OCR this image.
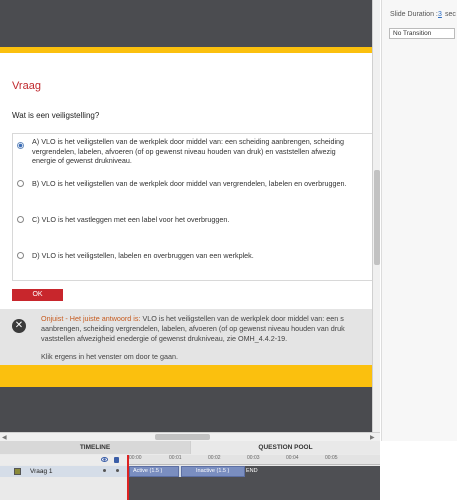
Vraag
Wat is een veiligstelling?
A) VLO is het veiligstellen van de werkplek door middel van: een scheiding aanbrengen, scheiding
vergrendelen, labelen, afvoeren (of op gewenst niveau houden van druk) en vaststellen afwezig
energie of gewenst drukniveau.
B) VLO is het veiligstellen van de werkplek door middel van vergrendelen, labelen en overbruggen.
C) VLO is het vastleggen met een label voor het overbruggen.
D) VLO is het veiligstellen, labelen en overbruggen van een werkplek.
OK
✕
Onjuist - Het juiste antwoord is: VLO is het veiligstellen van de werkplek door middel van: een s
aanbrengen, scheiding vergrendelen, labelen, afvoeren (of op gewenst niveau houden van druk
vaststellen afwezigheid enedergie of gewenst drukniveau, zie OMH_4.4.2-19.
Klik ergens in het venster om door te gaan.
◀	▶
Slide Duration : 3 sec
No Transition
TIMELINE	QUESTION POOL
00:00	00:01	00:02	00:03	00:04	00:05
Vraag 1	Active (1.5 )	Inactive (1.5 )	END
